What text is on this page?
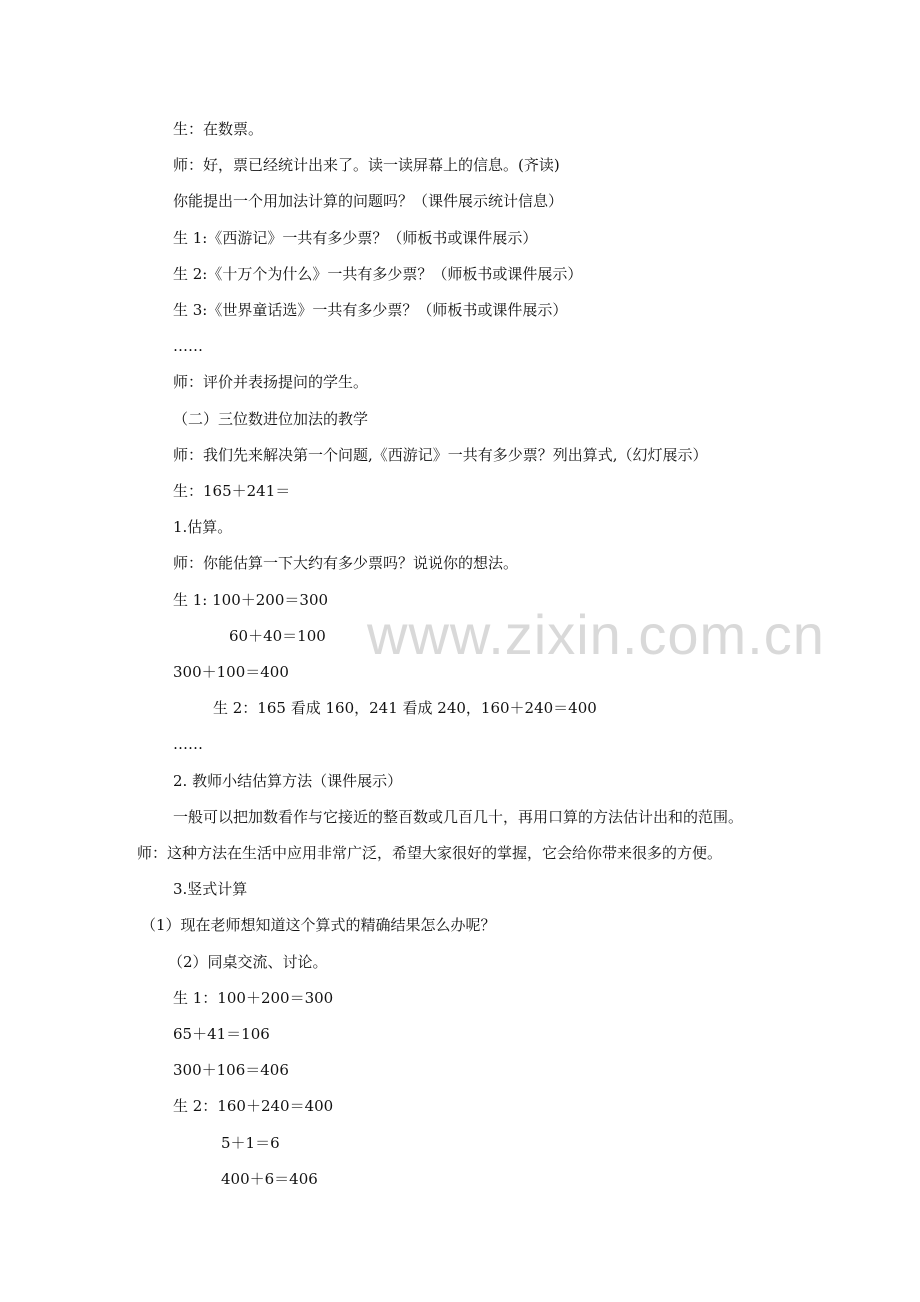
www.zixin.com.cn
生：在数票。
师：好，票已经统计出来了。读一读屏幕上的信息。(齐读)
你能提出一个用加法计算的问题吗？（课件展示统计信息）
生 1:《西游记》一共有多少票？（师板书或课件展示）
生 2:《十万个为什么》一共有多少票？（师板书或课件展示）
生 3:《世界童话选》一共有多少票？（师板书或课件展示）
……
师：评价并表扬提问的学生。
（二）三位数进位加法的教学
师：我们先来解决第一个问题,《西游记》一共有多少票？列出算式,（幻灯展示）
生：165＋241＝
1.估算。
师：你能估算一下大约有多少票吗？说说你的想法。
生 1: 100＋200＝300
60＋40＝100
300＋100＝400
生 2：165 看成 160，241 看成 240，160＋240＝400
……
2. 教师小结估算方法（课件展示）
一般可以把加数看作与它接近的整百数或几百几十，再用口算的方法估计出和的范围。
师：这种方法在生活中应用非常广泛，希望大家很好的掌握，它会给你带来很多的方便。
3.竖式计算
（1）现在老师想知道这个算式的精确结果怎么办呢？
（2）同桌交流、讨论。
生 1：100＋200＝300
65＋41＝106
300＋106＝406
生 2：160＋240＝400
5＋1＝6
400＋6＝406
